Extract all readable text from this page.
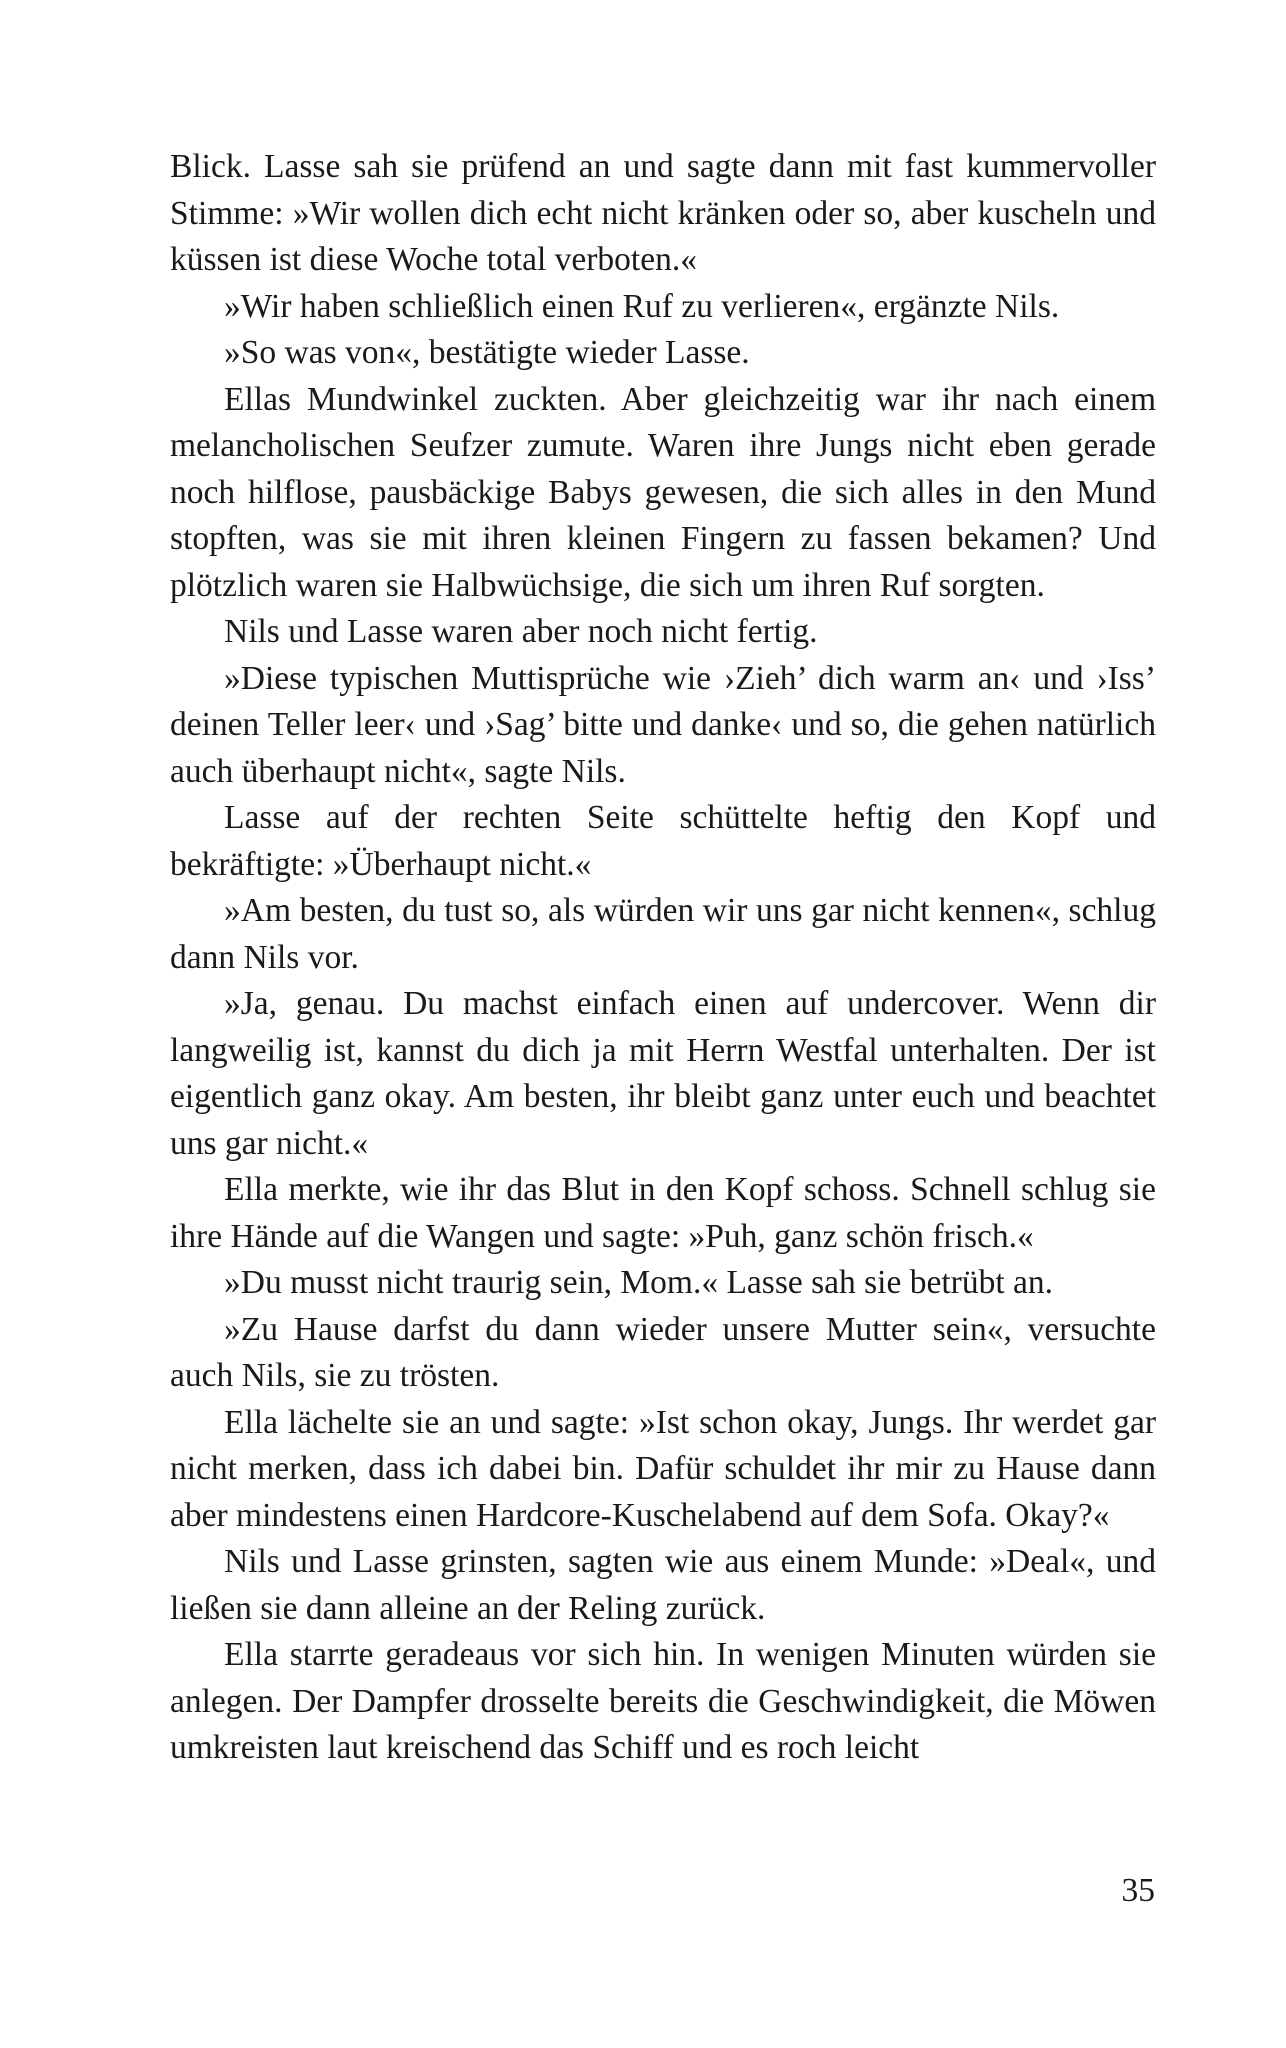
Blick. Lasse sah sie prüfend an und sagte dann mit fast kummervoller Stimme: »Wir wollen dich echt nicht kränken oder so, aber kuscheln und küssen ist diese Woche total verboten.«

»Wir haben schließlich einen Ruf zu verlieren«, ergänzte Nils.

»So was von«, bestätigte wieder Lasse.

Ellas Mundwinkel zuckten. Aber gleichzeitig war ihr nach einem melancholischen Seufzer zumute. Waren ihre Jungs nicht eben gerade noch hilflose, pausbäckige Babys gewesen, die sich alles in den Mund stopften, was sie mit ihren kleinen Fingern zu fassen bekamen? Und plötzlich waren sie Halbwüchsige, die sich um ihren Ruf sorgten.

Nils und Lasse waren aber noch nicht fertig.

»Diese typischen Muttisprüche wie ›Zieh’ dich warm an‹ und ›Iss’ deinen Teller leer‹ und ›Sag’ bitte und danke‹ und so, die gehen natürlich auch überhaupt nicht«, sagte Nils.

Lasse auf der rechten Seite schüttelte heftig den Kopf und bekräftigte: »Überhaupt nicht.«

»Am besten, du tust so, als würden wir uns gar nicht kennen«, schlug dann Nils vor.

»Ja, genau. Du machst einfach einen auf undercover. Wenn dir langweilig ist, kannst du dich ja mit Herrn Westfal unterhalten. Der ist eigentlich ganz okay. Am besten, ihr bleibt ganz unter euch und beachtet uns gar nicht.«

Ella merkte, wie ihr das Blut in den Kopf schoss. Schnell schlug sie ihre Hände auf die Wangen und sagte: »Puh, ganz schön frisch.«

»Du musst nicht traurig sein, Mom.« Lasse sah sie betrübt an.

»Zu Hause darfst du dann wieder unsere Mutter sein«, versuchte auch Nils, sie zu trösten.

Ella lächelte sie an und sagte: »Ist schon okay, Jungs. Ihr werdet gar nicht merken, dass ich dabei bin. Dafür schuldet ihr mir zu Hause dann aber mindestens einen Hardcore-Kuschelabend auf dem Sofa. Okay?«

Nils und Lasse grinsten, sagten wie aus einem Munde: »Deal«, und ließen sie dann alleine an der Reling zurück.

Ella starrte geradeaus vor sich hin. In wenigen Minuten würden sie anlegen. Der Dampfer drosselte bereits die Geschwindigkeit, die Möwen umkreisten laut kreischend das Schiff und es roch leicht

35
